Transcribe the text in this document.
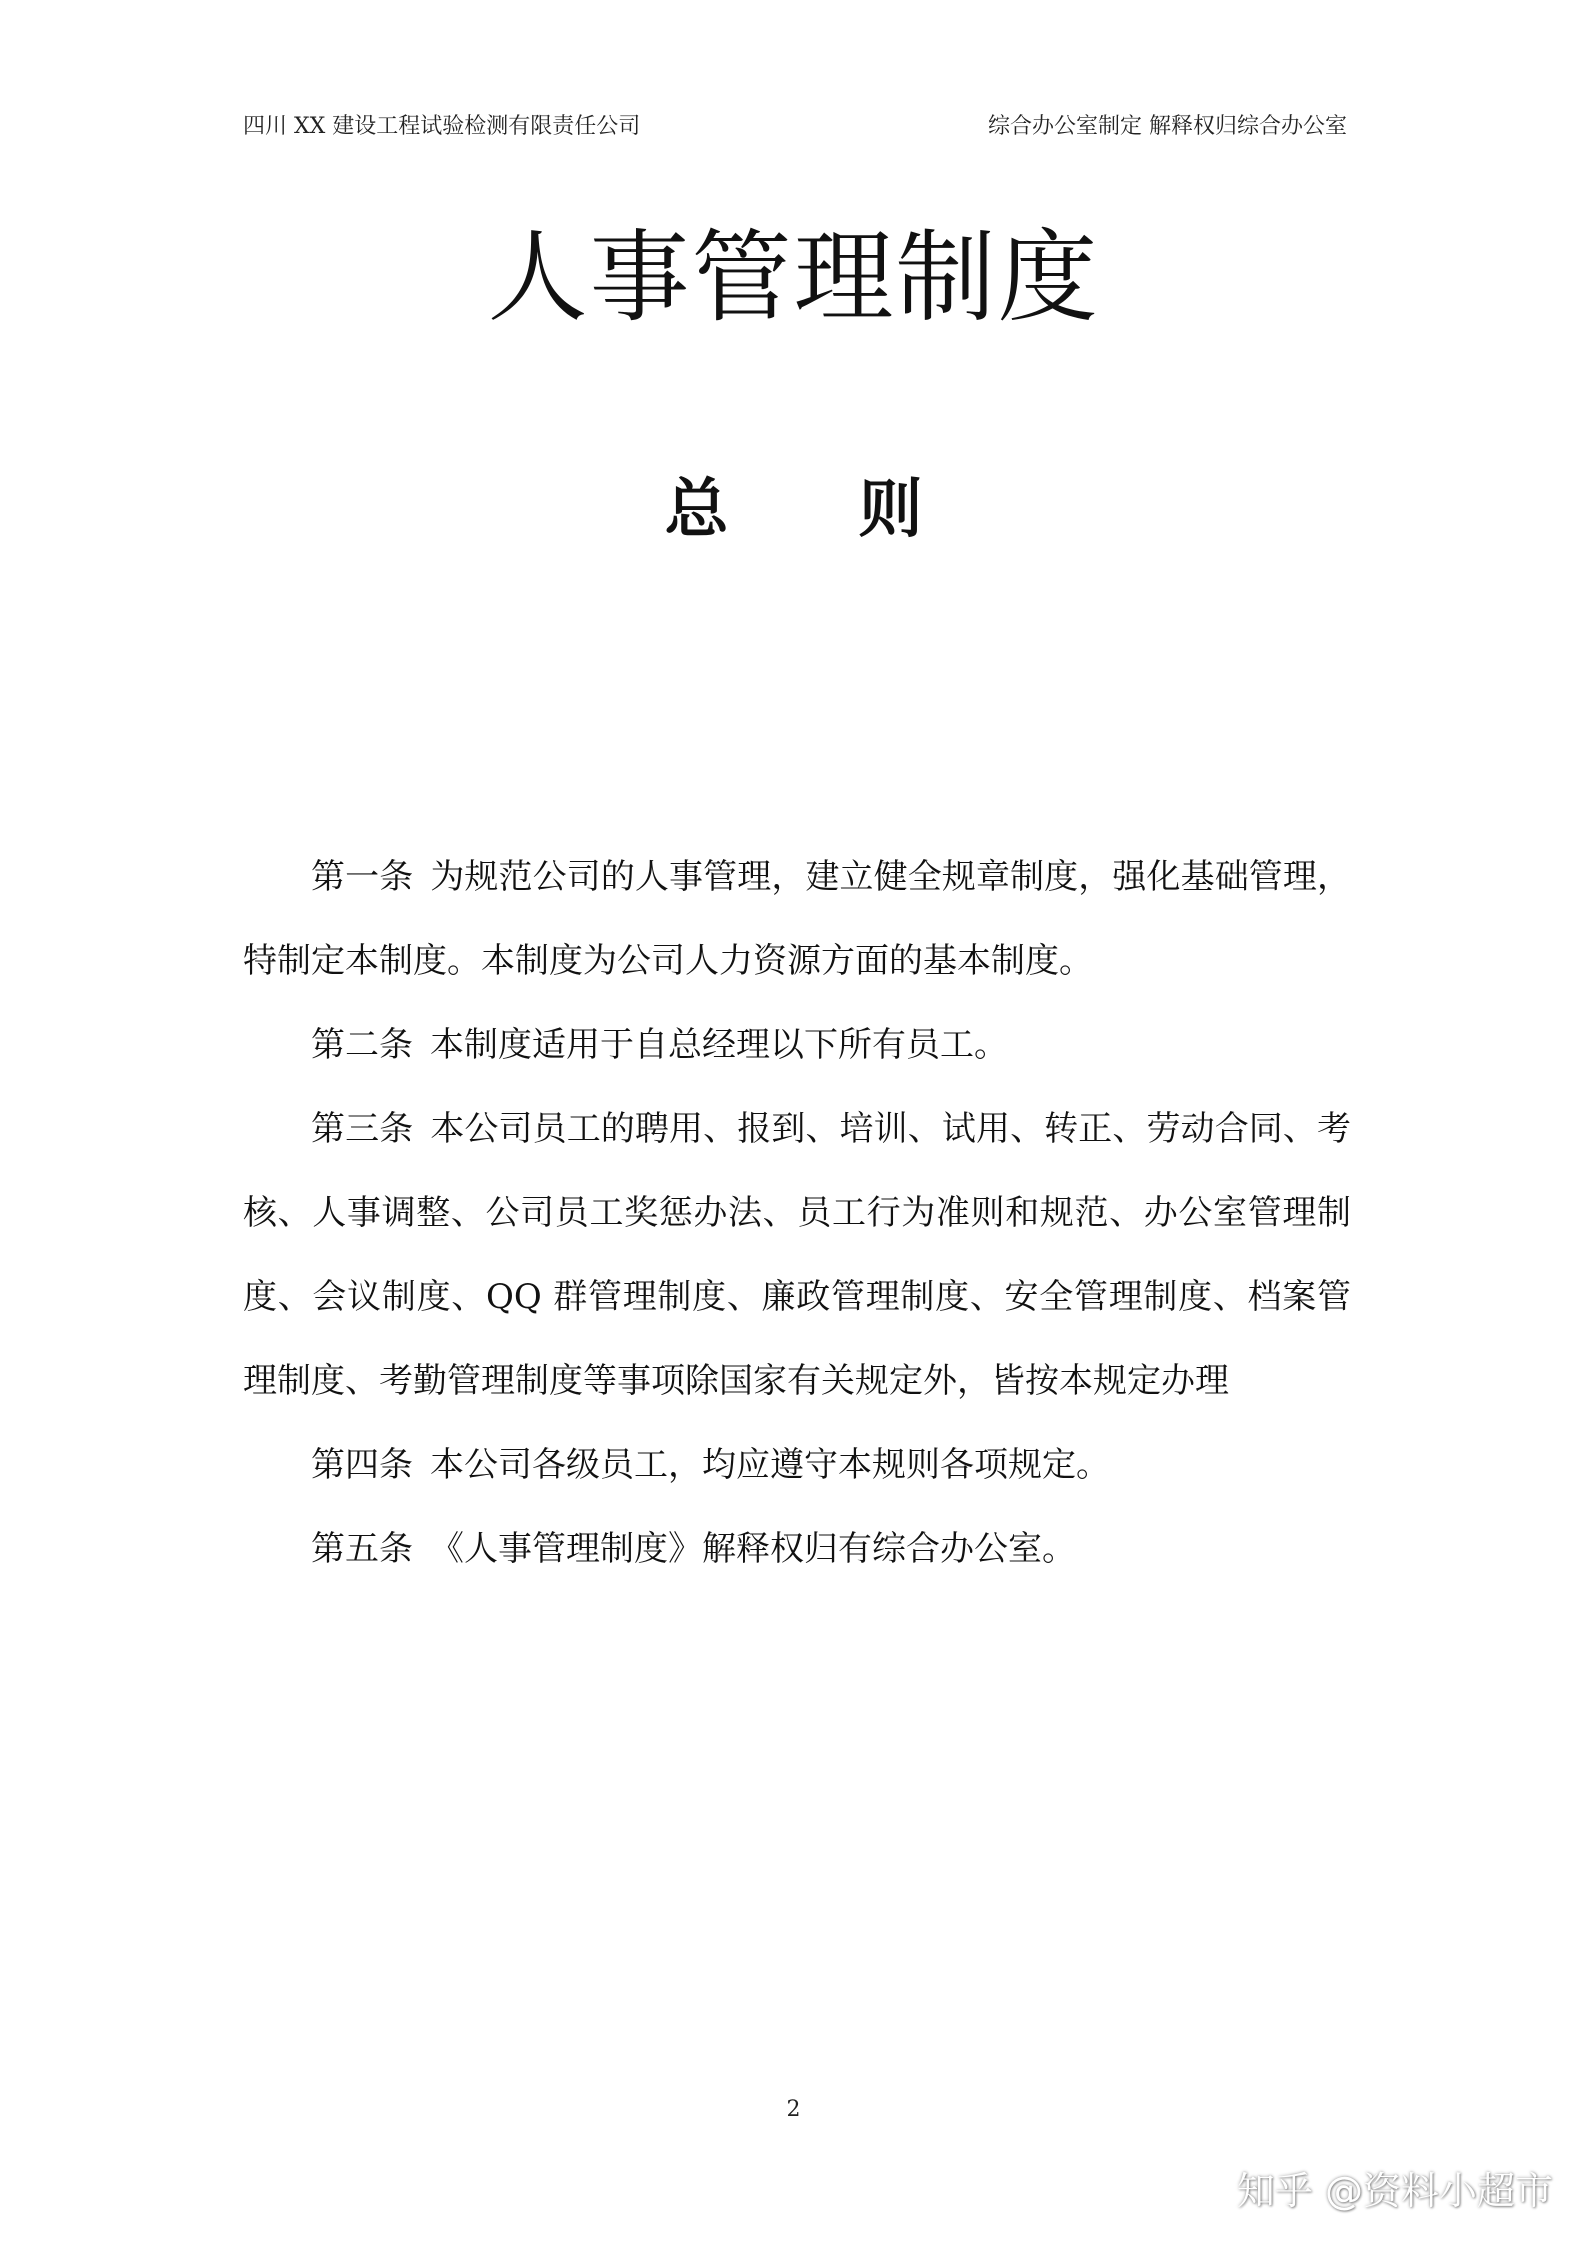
四川 XX 建设工程试验检测有限责任公司	综合办公室制定 解释权归综合办公室
人事管理制度
总则

第一条 为规范公司的人事管理，建立健全规章制度，强化基础管理，特制定本制度。本制度为公司人力资源方面的基本制度。

第二条 本制度适用于自总经理以下所有员工。

第三条 本公司员工的聘用、报到、培训、试用、转正、劳动合同、考核、人事调整、公司员工奖惩办法、员工行为准则和规范、办公室管理制度、会议制度、QQ 群管理制度、廉政管理制度、安全管理制度、档案管理制度、考勤管理制度等事项除国家有关规定外，皆按本规定办理

第四条 本公司各级员工，均应遵守本规则各项规定。

第五条 《人事管理制度》解释权归有综合办公室。

2
知乎 @资料小超市
